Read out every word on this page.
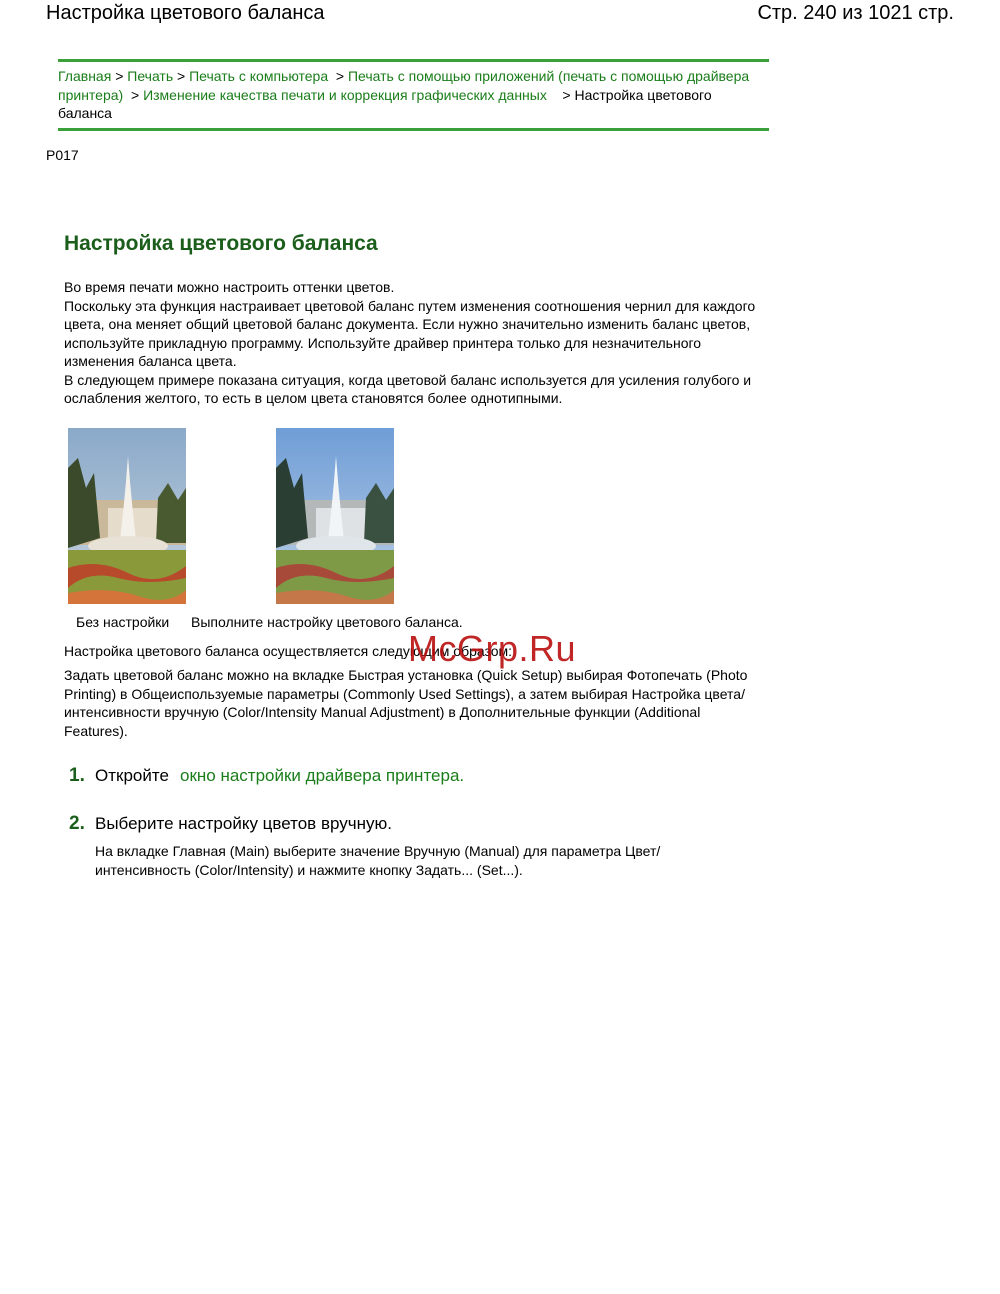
Настройка цветового баланса	Стр. 240 из 1021 стр.
Главная > Печать > Печать с компьютера > Печать с помощью приложений (печать с помощью драйвера принтера) > Изменение качества печати и коррекция графических данных > Настройка цветового баланса
P017
Настройка цветового баланса
Во время печати можно настроить оттенки цветов.
Поскольку эта функция настраивает цветовой баланс путем изменения соотношения чернил для каждого цвета, она меняет общий цветовой баланс документа. Если нужно значительно изменить баланс цветов, используйте прикладную программу. Используйте драйвер принтера только для незначительного изменения баланса цвета.
В следующем примере показана ситуация, когда цветовой баланс используется для усиления голубого и ослабления желтого, то есть в целом цвета становятся более однотипными.
Без настройки Выполните настройку цветового баланса.
Настройка цветового баланса осуществляется следующим образом:
Задать цветовой баланс можно на вкладке Быстрая установка (Quick Setup) выбирая Фотопечать (Photo Printing) в Общеиспользуемые параметры (Commonly Used Settings), а затем выбирая Настройка цвета/интенсивности вручную (Color/Intensity Manual Adjustment) в Дополнительные функции (Additional Features).
McGrp.Ru
1. Откройте окно настройки драйвера принтера.
2. Выберите настройку цветов вручную.
На вкладке Главная (Main) выберите значение Вручную (Manual) для параметра Цвет/интенсивность (Color/Intensity) и нажмите кнопку Задать... (Set...).
